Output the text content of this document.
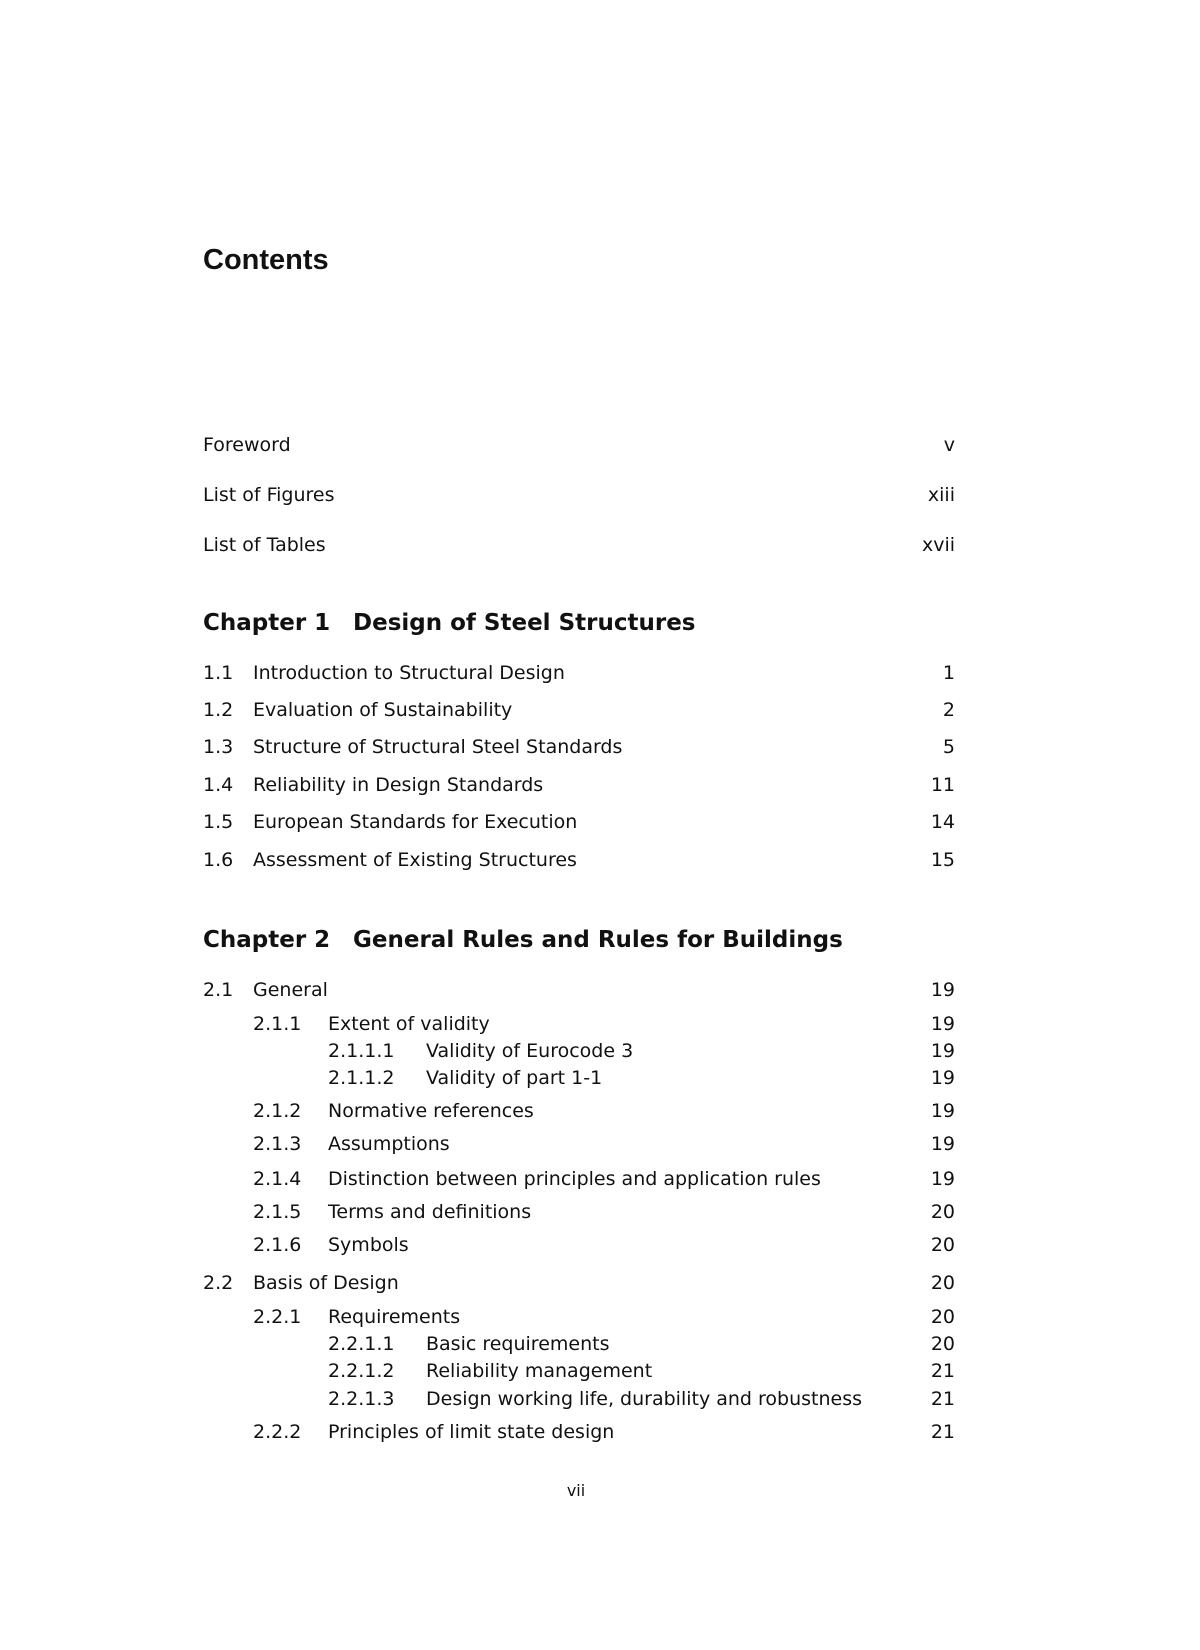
Contents
Foreword	v
List of Figures	xiii
List of Tables	xvii
Chapter 1 Design of Steel Structures
1.1 Introduction to Structural Design	1
1.2 Evaluation of Sustainability	2
1.3 Structure of Structural Steel Standards	5
1.4 Reliability in Design Standards	11
1.5 European Standards for Execution	14
1.6 Assessment of Existing Structures	15
Chapter 2 General Rules and Rules for Buildings
2.1 General	19
2.1.1 Extent of validity	19
2.1.1.1 Validity of Eurocode 3	19
2.1.1.2 Validity of part 1-1	19
2.1.2 Normative references	19
2.1.3 Assumptions	19
2.1.4 Distinction between principles and application rules	19
2.1.5 Terms and definitions	20
2.1.6 Symbols	20
2.2 Basis of Design	20
2.2.1 Requirements	20
2.2.1.1 Basic requirements	20
2.2.1.2 Reliability management	21
2.2.1.3 Design working life, durability and robustness	21
2.2.2 Principles of limit state design	21
vii
